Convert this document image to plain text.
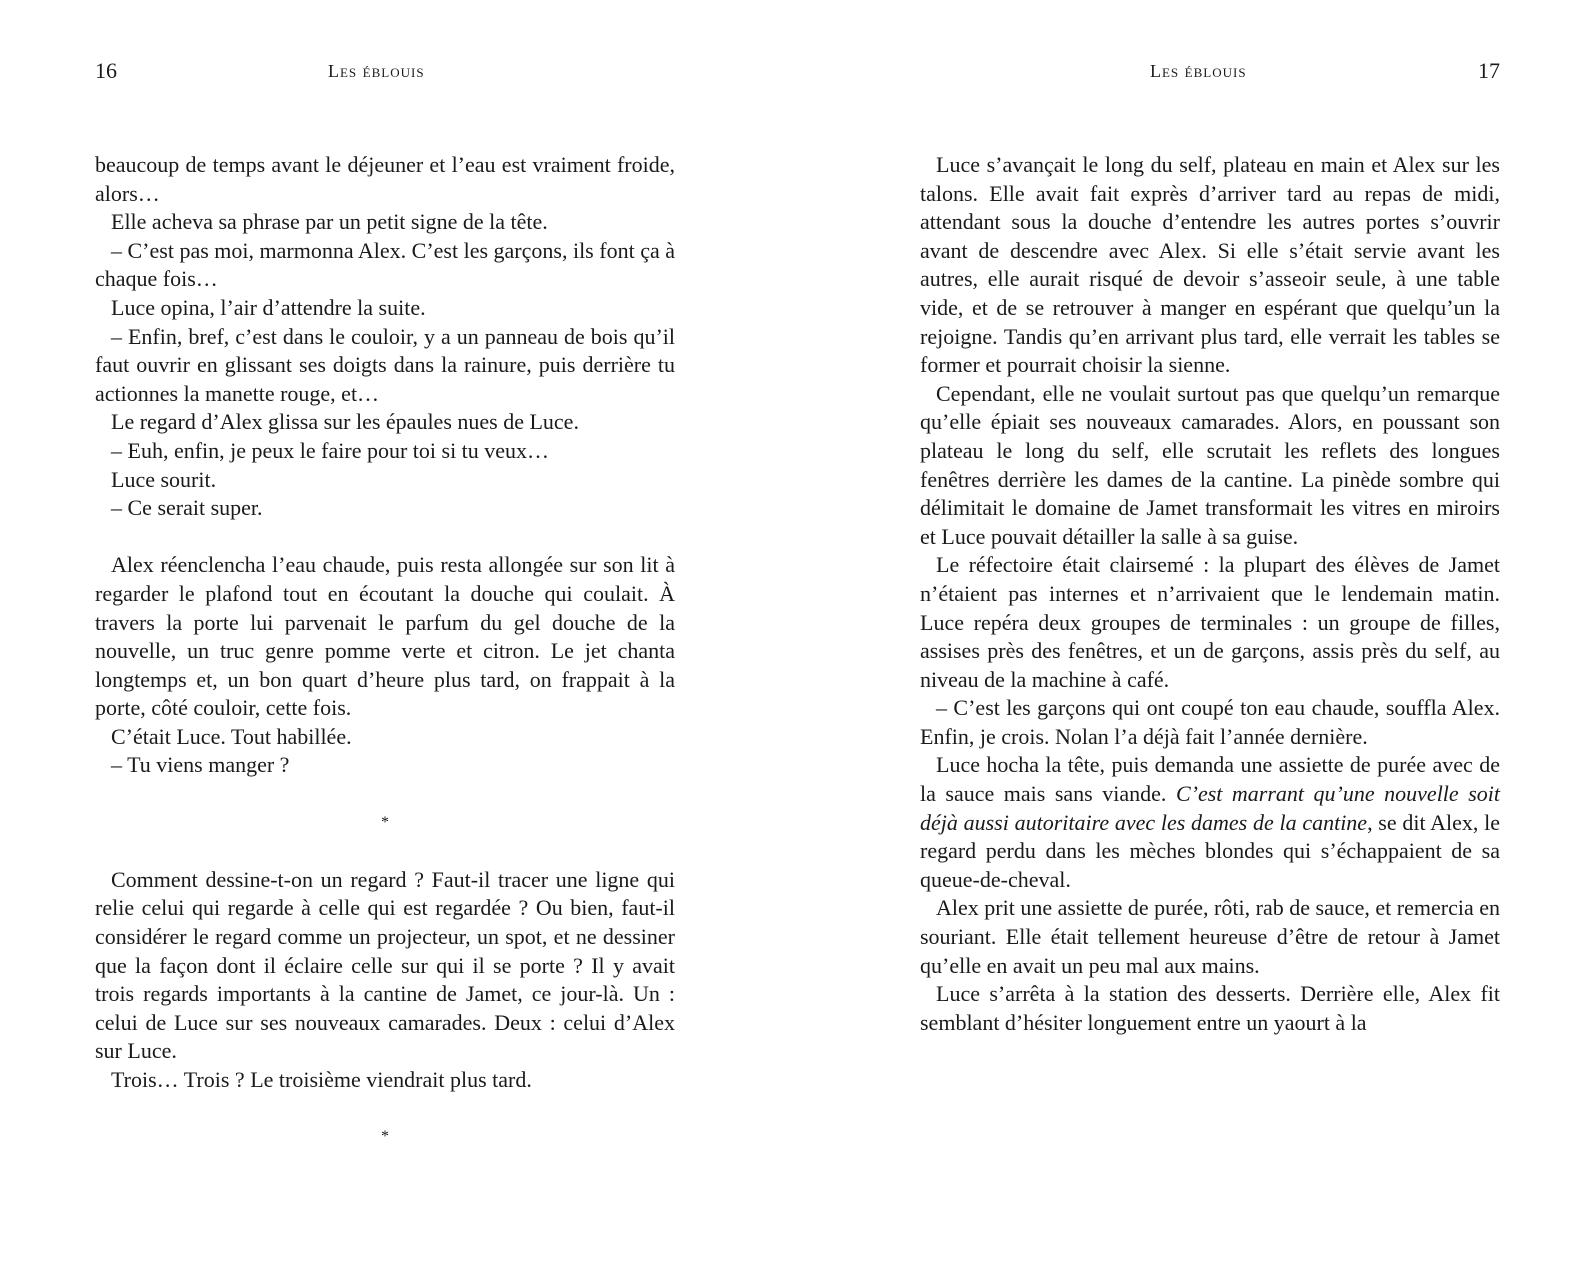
16	Les éblouis

beaucoup de temps avant le déjeuner et l’eau est vraiment froide, alors…

Elle acheva sa phrase par un petit signe de la tête.

– C’est pas moi, marmonna Alex. C’est les garçons, ils font ça à chaque fois…

Luce opina, l’air d’attendre la suite.

– Enfin, bref, c’est dans le couloir, y a un panneau de bois qu’il faut ouvrir en glissant ses doigts dans la rainure, puis derrière tu actionnes la manette rouge, et…

Le regard d’Alex glissa sur les épaules nues de Luce.

– Euh, enfin, je peux le faire pour toi si tu veux…

Luce sourit.

– Ce serait super.

Alex réenclencha l’eau chaude, puis resta allongée sur son lit à regarder le plafond tout en écoutant la douche qui coulait. À travers la porte lui parvenait le parfum du gel douche de la nouvelle, un truc genre pomme verte et citron. Le jet chanta longtemps et, un bon quart d’heure plus tard, on frappait à la porte, côté couloir, cette fois.

C’était Luce. Tout habillée.

– Tu viens manger ?

*

Comment dessine-t-on un regard ? Faut-il tracer une ligne qui relie celui qui regarde à celle qui est regardée ? Ou bien, faut-il considérer le regard comme un projecteur, un spot, et ne dessiner que la façon dont il éclaire celle sur qui il se porte ? Il y avait trois regards importants à la cantine de Jamet, ce jour-là. Un : celui de Luce sur ses nouveaux camarades. Deux : celui d’Alex sur Luce.

Trois… Trois ? Le troisième viendrait plus tard.

*
Les éblouis	17

Luce s’avançait le long du self, plateau en main et Alex sur les talons. Elle avait fait exprès d’arriver tard au repas de midi, attendant sous la douche d’entendre les autres portes s’ouvrir avant de descendre avec Alex. Si elle s’était servie avant les autres, elle aurait risqué de devoir s’asseoir seule, à une table vide, et de se retrouver à manger en espérant que quelqu’un la rejoigne. Tandis qu’en arrivant plus tard, elle verrait les tables se former et pourrait choisir la sienne.

Cependant, elle ne voulait surtout pas que quelqu’un remarque qu’elle épiait ses nouveaux camarades. Alors, en poussant son plateau le long du self, elle scrutait les reflets des longues fenêtres derrière les dames de la cantine. La pinède sombre qui délimitait le domaine de Jamet transformait les vitres en miroirs et Luce pouvait détailler la salle à sa guise.

Le réfectoire était clairsemé : la plupart des élèves de Jamet n’étaient pas internes et n’arrivaient que le lendemain matin. Luce repéra deux groupes de terminales : un groupe de filles, assises près des fenêtres, et un de garçons, assis près du self, au niveau de la machine à café.

– C’est les garçons qui ont coupé ton eau chaude, souffla Alex. Enfin, je crois. Nolan l’a déjà fait l’année dernière.

Luce hocha la tête, puis demanda une assiette de purée avec de la sauce mais sans viande. C’est marrant qu’une nouvelle soit déjà aussi autoritaire avec les dames de la cantine, se dit Alex, le regard perdu dans les mèches blondes qui s’échappaient de sa queue-de-cheval.

Alex prit une assiette de purée, rôti, rab de sauce, et remercia en souriant. Elle était tellement heureuse d’être de retour à Jamet qu’elle en avait un peu mal aux mains.

Luce s’arrêta à la station des desserts. Derrière elle, Alex fit semblant d’hésiter longuement entre un yaourt à la
